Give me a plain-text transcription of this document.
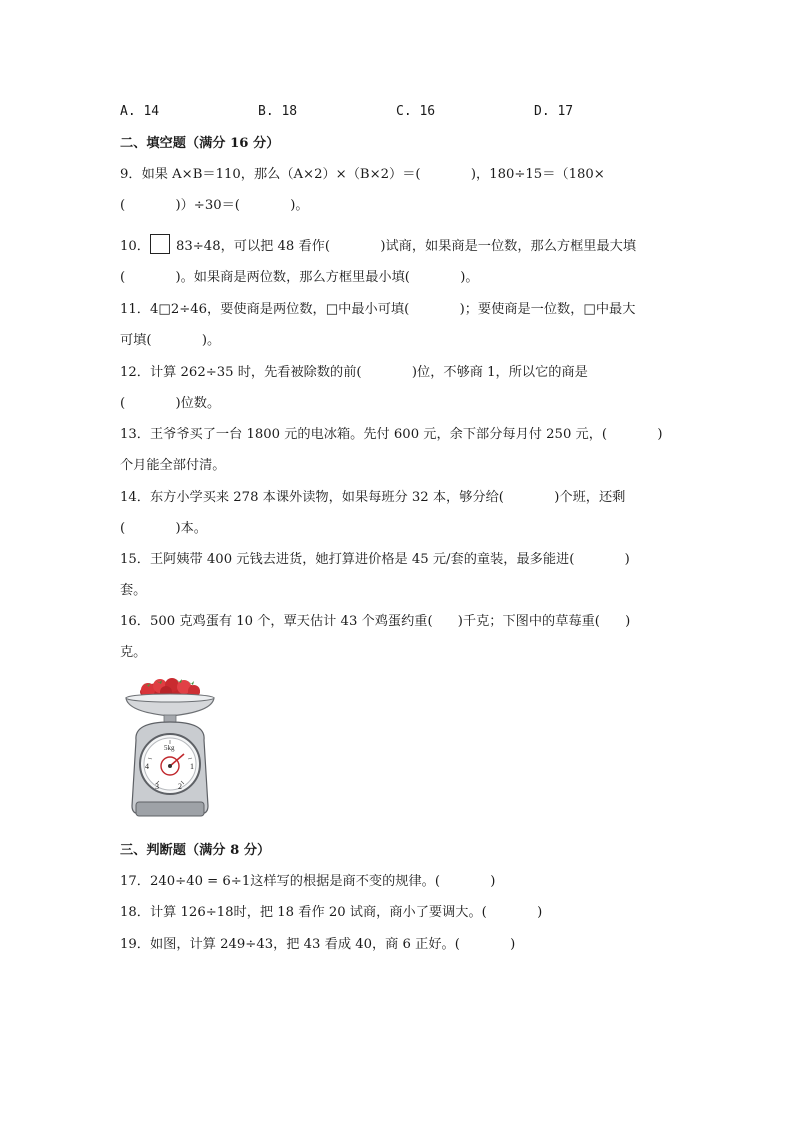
A. 14	B. 18	C. 16	D. 17
二、填空题（满分 16 分）
9．如果 A×B＝110，那么（A×2）×（B×2）＝(            )，180÷15＝（180×
(            )）÷30＝(            )。
10． 83÷48，可以把 48 看作(            )试商，如果商是一位数，那么方框里最大填
(            )。如果商是两位数，那么方框里最小填(            )。
11．4□2÷46，要使商是两位数，□中最小可填(            )；要使商是一位数，□中最大
可填(            )。
12．计算 262÷35 时，先看被除数的前(            )位，不够商 1，所以它的商是
(            )位数。
13．王爷爷买了一台 1800 元的电冰箱。先付 600 元，余下部分每月付 250 元，(            )
个月能全部付清。
14．东方小学买来 278 本课外读物，如果每班分 32 本，够分给(            )个班，还剩
(            )本。
15．王阿姨带 400 元钱去进货，她打算进价格是 45 元/套的童装，最多能进(            )
套。
16．500 克鸡蛋有 10 个，覃天估计 43 个鸡蛋约重(      )千克；下图中的草莓重(      )
克。
5kg
1
2
3
4
三、判断题（满分 8 分）
17．240÷40 = 6÷1这样写的根据是商不变的规律。(            )
18．计算 126÷18时，把 18 看作 20 试商，商小了要调大。(            )
19．如图，计算 249÷43，把 43 看成 40，商 6 正好。(            )
